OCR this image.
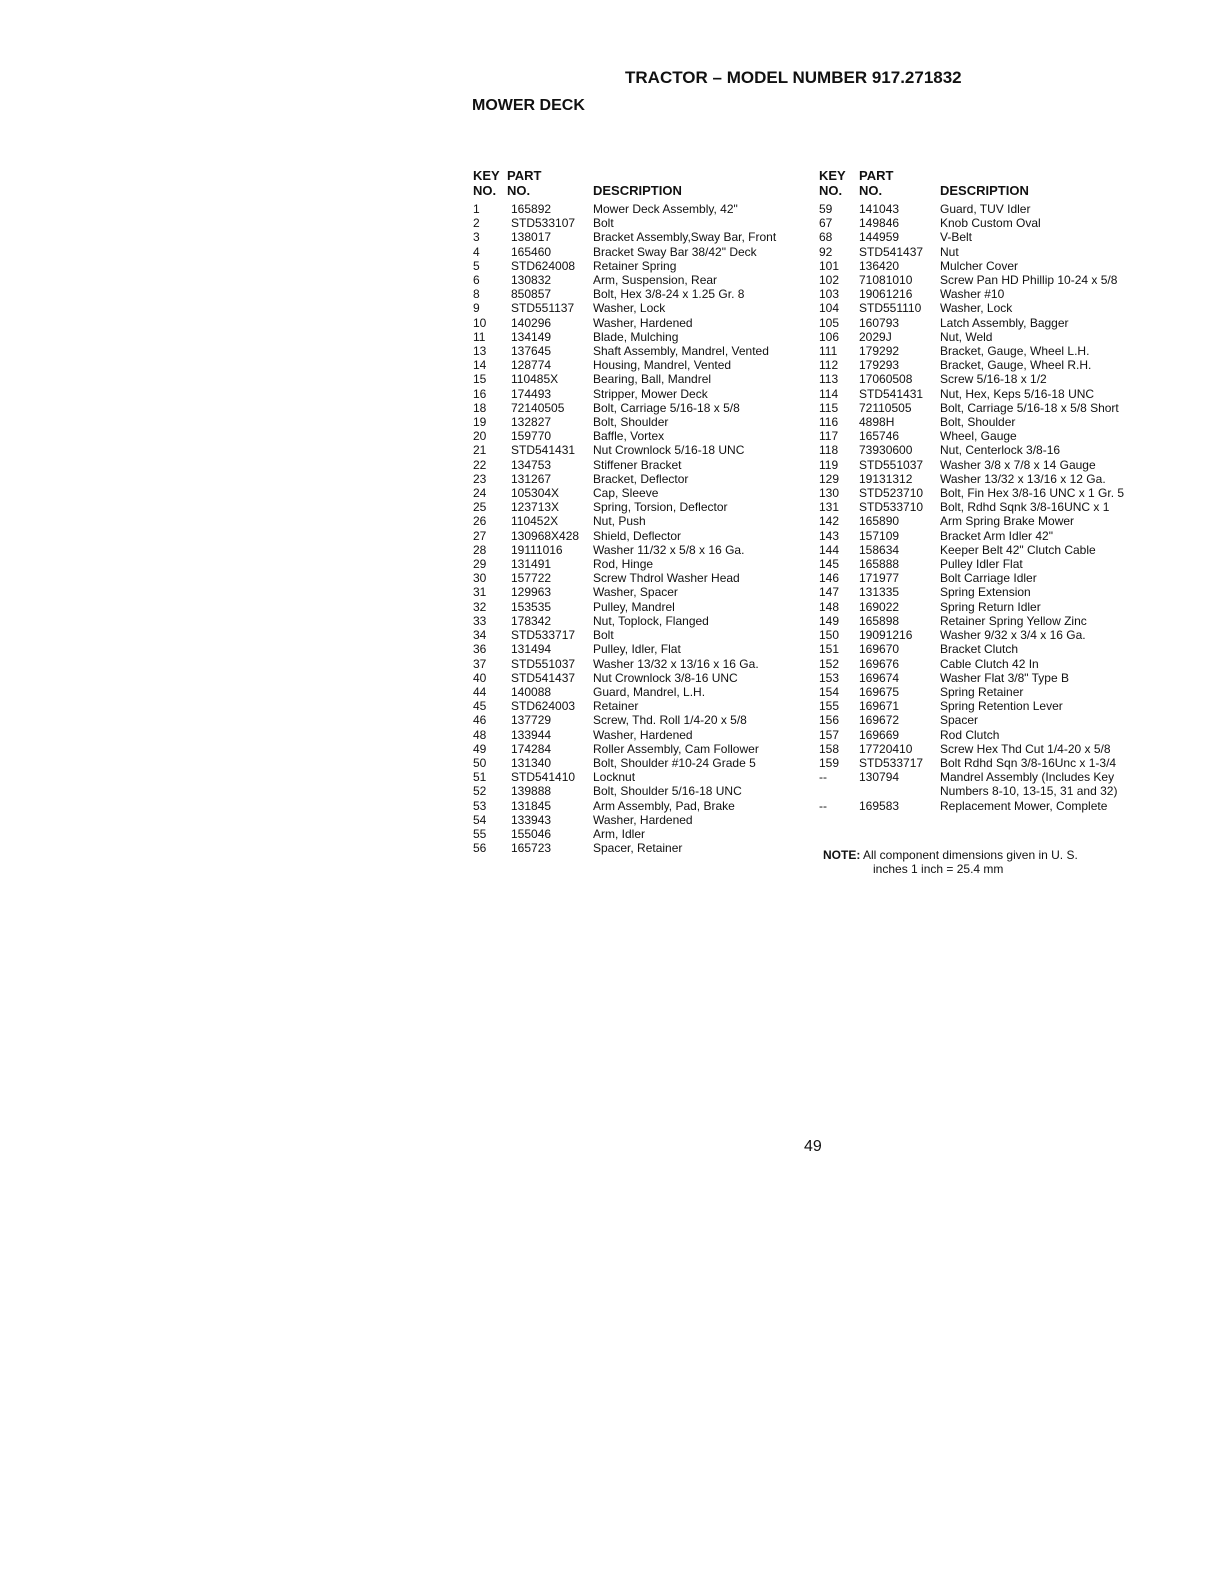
TRACTOR – MODEL NUMBER 917.271832
MOWER DECK
KEY
NO.
PART
NO.	DESCRIPTION
1	165892	Mower Deck Assembly, 42"
2	STD533107 Bolt
3	138017	Bracket Assembly,Sway Bar, Front
4	165460	Bracket Sway Bar 38/42" Deck
5	STD624008 Retainer Spring
6	130832	Arm, Suspension, Rear
8	850857	Bolt, Hex 3/8-24 x 1.25 Gr. 8
9	STD551137 Washer, Lock
10 140296	Washer, Hardened
11 134149	Blade, Mulching
13 137645	Shaft Assembly, Mandrel, Vented
14 128774	Housing, Mandrel, Vented
15 110485X	Bearing, Ball, Mandrel
16 174493	Stripper, Mower Deck
18 72140505 Bolt, Carriage 5/16-18 x 5/8
19 132827	Bolt, Shoulder
20 159770	Baffle, Vortex
21 STD541431 Nut Crownlock 5/16-18 UNC
22 134753	Stiffener Bracket
23 131267	Bracket, Deflector
24 105304X	Cap, Sleeve
25 123713X	Spring, Torsion, Deflector
26 110452X	Nut, Push
27 130968X428 Shield, Deflector
28 19111016	Washer 11/32 x 5/8 x 16 Ga.
29 131491	Rod, Hinge
30 157722	Screw Thdrol Washer Head
31 129963	Washer, Spacer
32 153535	Pulley, Mandrel
33 178342	Nut, Toplock, Flanged
34 STD533717 Bolt
36 131494	Pulley, Idler, Flat
37 STD551037 Washer 13/32 x 13/16 x 16 Ga.
40 STD541437 Nut Crownlock 3/8-16 UNC
44 140088	Guard, Mandrel, L.H.
45 STD624003 Retainer
46 137729	Screw, Thd. Roll 1/4-20 x 5/8
48 133944	Washer, Hardened
49 174284	Roller Assembly, Cam Follower
50 131340	Bolt, Shoulder #10-24 Grade 5
51 STD541410 Locknut
52 139888	Bolt, Shoulder 5/16-18 UNC
53 131845	Arm Assembly, Pad, Brake
54 133943	Washer, Hardened
55 155046	Arm, Idler
56 165723	Spacer, Retainer
KEY
NO.
PART
NO.	DESCRIPTION
59 141043	Guard, TUV Idler
67 149846	Knob Custom Oval
68 144959	V-Belt
92 STD541437 Nut
101 136420	Mulcher Cover
102 71081010 Screw Pan HD Phillip 10-24 x 5/8
103 19061216 Washer #10
104 STD551110 Washer, Lock
105 160793	Latch Assembly, Bagger
106 2029J	Nut, Weld
111 179292	Bracket, Gauge, Wheel L.H.
112 179293	Bracket, Gauge, Wheel R.H.
113 17060508 Screw 5/16-18 x 1/2
114 STD541431 Nut, Hex, Keps 5/16-18 UNC
115 72110505 Bolt, Carriage 5/16-18 x 5/8 Short
116 4898H	Bolt, Shoulder
117 165746	Wheel, Gauge
118 73930600 Nut, Centerlock 3/8-16
119 STD551037 Washer 3/8 x 7/8 x 14 Gauge
129 19131312 Washer 13/32 x 13/16 x 12 Ga.
130 STD523710 Bolt, Fin Hex 3/8-16 UNC x 1 Gr. 5
131 STD533710 Bolt, Rdhd Sqnk 3/8-16UNC x 1
142 165890	Arm Spring Brake Mower
143 157109	Bracket Arm Idler 42"
144 158634	Keeper Belt 42" Clutch Cable
145 165888	Pulley Idler Flat
146 171977	Bolt Carriage Idler
147 131335	Spring Extension
148 169022	Spring Return Idler
149 165898	Retainer Spring Yellow Zinc
150 19091216 Washer 9/32 x 3/4 x 16 Ga.
151 169670	Bracket Clutch
152 169676	Cable Clutch 42 In
153 169674	Washer Flat 3/8" Type B
154 169675	Spring Retainer
155 169671	Spring Retention Lever
156 169672	Spacer
157 169669	Rod Clutch
158 17720410 Screw Hex Thd Cut 1/4-20 x 5/8
159 STD533717 Bolt Rdhd Sqn 3/8-16Unc x 1-3/4
--	130794	Mandrel Assembly (Includes Key Numbers 8-10, 13-15, 31 and 32)
--	169583	Replacement Mower, Complete
NOTE: All component dimensions given in U. S.
inches 1 inch = 25.4 mm
49
